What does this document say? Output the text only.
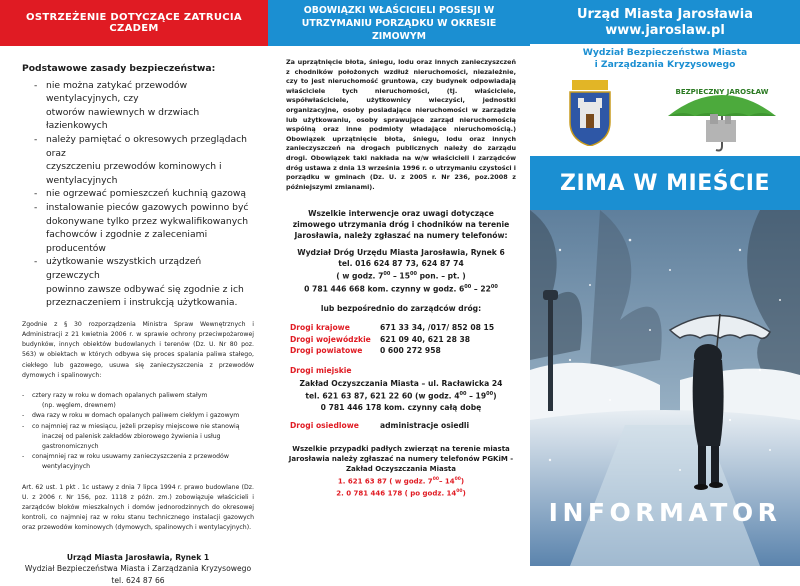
OSTRZEŻENIE DOTYCZĄCE ZATRUCIA CZADEM
Podstawowe zasady bezpieczeństwa:
- nie można zatykać przewodów wentylacyjnych, czy
otworów nawiewnych w drzwiach łazienkowych
- należy pamiętać o okresowych przeglądach oraz
czyszczeniu przewodów kominowych i wentylacyjnych
- nie ogrzewać pomieszczeń kuchnią gazową
- instalowanie pieców gazowych powinno być
dokonywane tylko przez wykwalifikowanych
fachowców i zgodnie z zaleceniami producentów
- użytkowanie wszystkich urządzeń grzewczych
powinno zawsze odbywać się zgodnie z ich
przeznaczeniem i instrukcją użytkowania.
Zgodnie z § 30 rozporządzenia Ministra Spraw Wewnętrznych i Administracji z 21 kwietnia 2006 r. w sprawie ochrony przeciwpożarowej budynków, innych obiektów budowlanych i terenów (Dz. U. Nr 80 poz. 563) w obiektach w których odbywa się proces spalania paliwa stałego, ciekłego lub gazowego, usuwa się zanieczyszczenia z przewodów dymowych i spalinowych:
- cztery razy w roku w domach opalanych paliwem stałym
(np. węglem, drewnem)
- dwa razy w roku w domach opalanych paliwem ciekłym i gazowym
- co najmniej raz w miesiącu, jeżeli przepisy miejscowe nie stanowią
inaczej od palenisk zakładów zbiorowego żywienia i usług
gastronomicznych
- conajmniej raz w roku usuwamy zanieczyszczenia z przewodów
wentylacyjnych
Art. 62 ust. 1 pkt . 1c ustawy z dnia 7 lipca 1994 r. prawo budowlane (Dz. U. z 2006 r. Nr 156, poz. 1118 z późn. zm.) zobowiązuje właścicieli i zarządców bloków mieszkalnych i domów jednorodzinnych do okresowej kontroli, co najmniej raz w roku stanu technicznego instalacji gazowych oraz przewodów kominowych (dymowych, spalinowych i wentylacyjnych).
Urząd Miasta Jarosławia, Rynek 1
Wydział Bezpieczeństwa Miasta i Zarządzania Kryzysowego
tel. 624 87 66
OBOWIĄZKI WŁAŚCICIELI POSESJI W UTRZYMANIU PORZĄDKU W OKRESIE ZIMOWYM
Za uprzątnięcie błota, śniegu, lodu oraz innych zanieczyszczeń z chodników położonych wzdłuż nieruchomości, niezależnie, czy to jest nieruchomość gruntowa, czy budynek odpowiadają właściciele tych nieruchomości, (tj. właściciele, współwłaściciele, użytkownicy wieczyści, jednostki organizacyjne, osoby posiadające nieruchomości w zarządzie lub użytkowaniu, osoby sprawujące zarząd nieruchomością wspólną oraz inne podmioty władające nieruchomością.) Obowiązek uprzątnięcie błota, śniegu, lodu oraz innych zanieczyszczeń na drogach publicznych należy do zarządu drogi. Obowiązek taki nakłada na w/w właścicieli i zarządców dróg ustawa z dnia 13 września 1996 r. o utrzymaniu czystości i porządku w gminach (Dz. U. z 2005 r. Nr 236, poz.2008 z późniejszymi zmianami).
Wszelkie interwencje oraz uwagi dotyczące zimowego utrzymania dróg i chodników na terenie Jarosławia, należy zgłaszać na numery telefonów:
Wydział Dróg Urzędu Miasta Jarosławia, Rynek 6
tel. 016 624 87 73, 624 87 74
( w godz. $7^{00} - 15^{00}$ pon. – pt. )
0 781 446 668 kom. czynny w godz. $6^{00} - 22^{00}$
lub bezpośrednio do zarządców dróg:
Drogi krajowe	671 33 34, /017/ 852 08 15
Drogi wojewódzkie	621 09 40, 621 28 38
Drogi powiatowe	0 600 272 958
Drogi miejskie
Zakład Oczyszczania Miasta – ul. Racławicka 24
tel. 621 63 87, 621 22 60 (w godz. $4^{00} - 19^{00}$)
0 781 446 178 kom. czynny całą dobę
Drogi osiedlowe	administracje osiedli
Wszelkie przypadki padłych zwierząt na terenie miasta Jarosławia należy zgłaszać na numery telefonów PGKiM - Zakład Oczyszczania Miasta
1. 621 63 87 ( w godz. $7^{00}-$ $14^{00}$)
2. 0 781 446 178 ( po godz. $14^{00}$)
Urząd Miasta Jarosławia
www.jaroslaw.pl
Wydział Bezpieczeństwa Miasta
i Zarządzania Kryzysowego
BEZPIECZNY JAROSŁAW
ZIMA W MIEŚCIE
INFORMATOR
